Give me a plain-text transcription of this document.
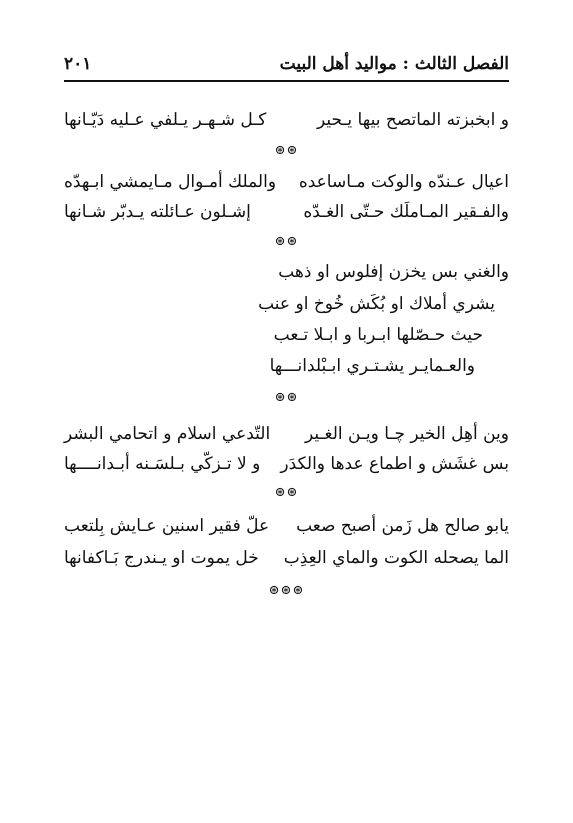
الفصل الثالث : مواليد أهل البيت
٢٠١
و ابخبزته الماتصح بيها يـحير
كـل شـهـر يـلفي عـليه دَيّـانها
⊛⊛
اعيال عـندّه والوكت مـاساعده
والملك أمـوال مـايمشي ابـهدّه
والفـقير المـاملَك حـتّى الغـدّه
إشـلون عـائلته يـدبّر شـانها
⊛⊛
والغني بس يخزن إفلوس او ذهب
يشري أملاك او بُكَش خُوخ او عنب
حيث حـصّلها ابـربا و ابـلا تـعب
والعـمايـر يشـتـري ابـبْلدانـــها
⊛⊛
وين أهِل الخير چـا ويـن الغـير
التّدعي اسلام و اتحامي البشر
بس غشَش و اطماع عدها والكدَر
و لا تـزكّي بـلسَـنه أبـدانــــها
⊛⊛
يابو صالح هل زَمن أصبح صعب
علّ فقير اسنين عـايش بِلتعب
الما يصحله الكوت والماي العِذِب
خل يموت او يـندرج بَـاكفانها
⊛⊛⊛
